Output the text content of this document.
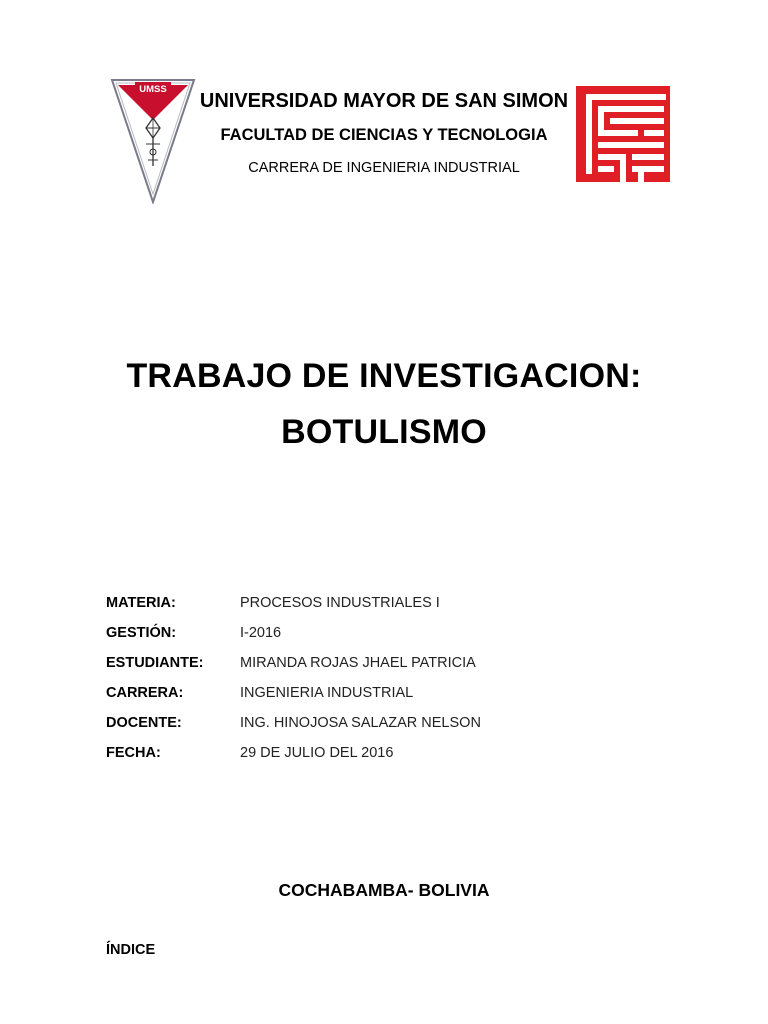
UMSS
UNIVERSIDAD MAYOR DE SAN SIMON
FACULTAD DE CIENCIAS Y TECNOLOGIA
CARRERA DE INGENIERIA INDUSTRIAL
TRABAJO DE INVESTIGACION:
BOTULISMO
MATERIA:	PROCESOS INDUSTRIALES I
GESTIÓN:	I-2016
ESTUDIANTE:	MIRANDA ROJAS JHAEL PATRICIA
CARRERA:	INGENIERIA INDUSTRIAL
DOCENTE:	ING. HINOJOSA SALAZAR NELSON
FECHA:	29 DE JULIO DEL 2016
COCHABAMBA- BOLIVIA
ÍNDICE
